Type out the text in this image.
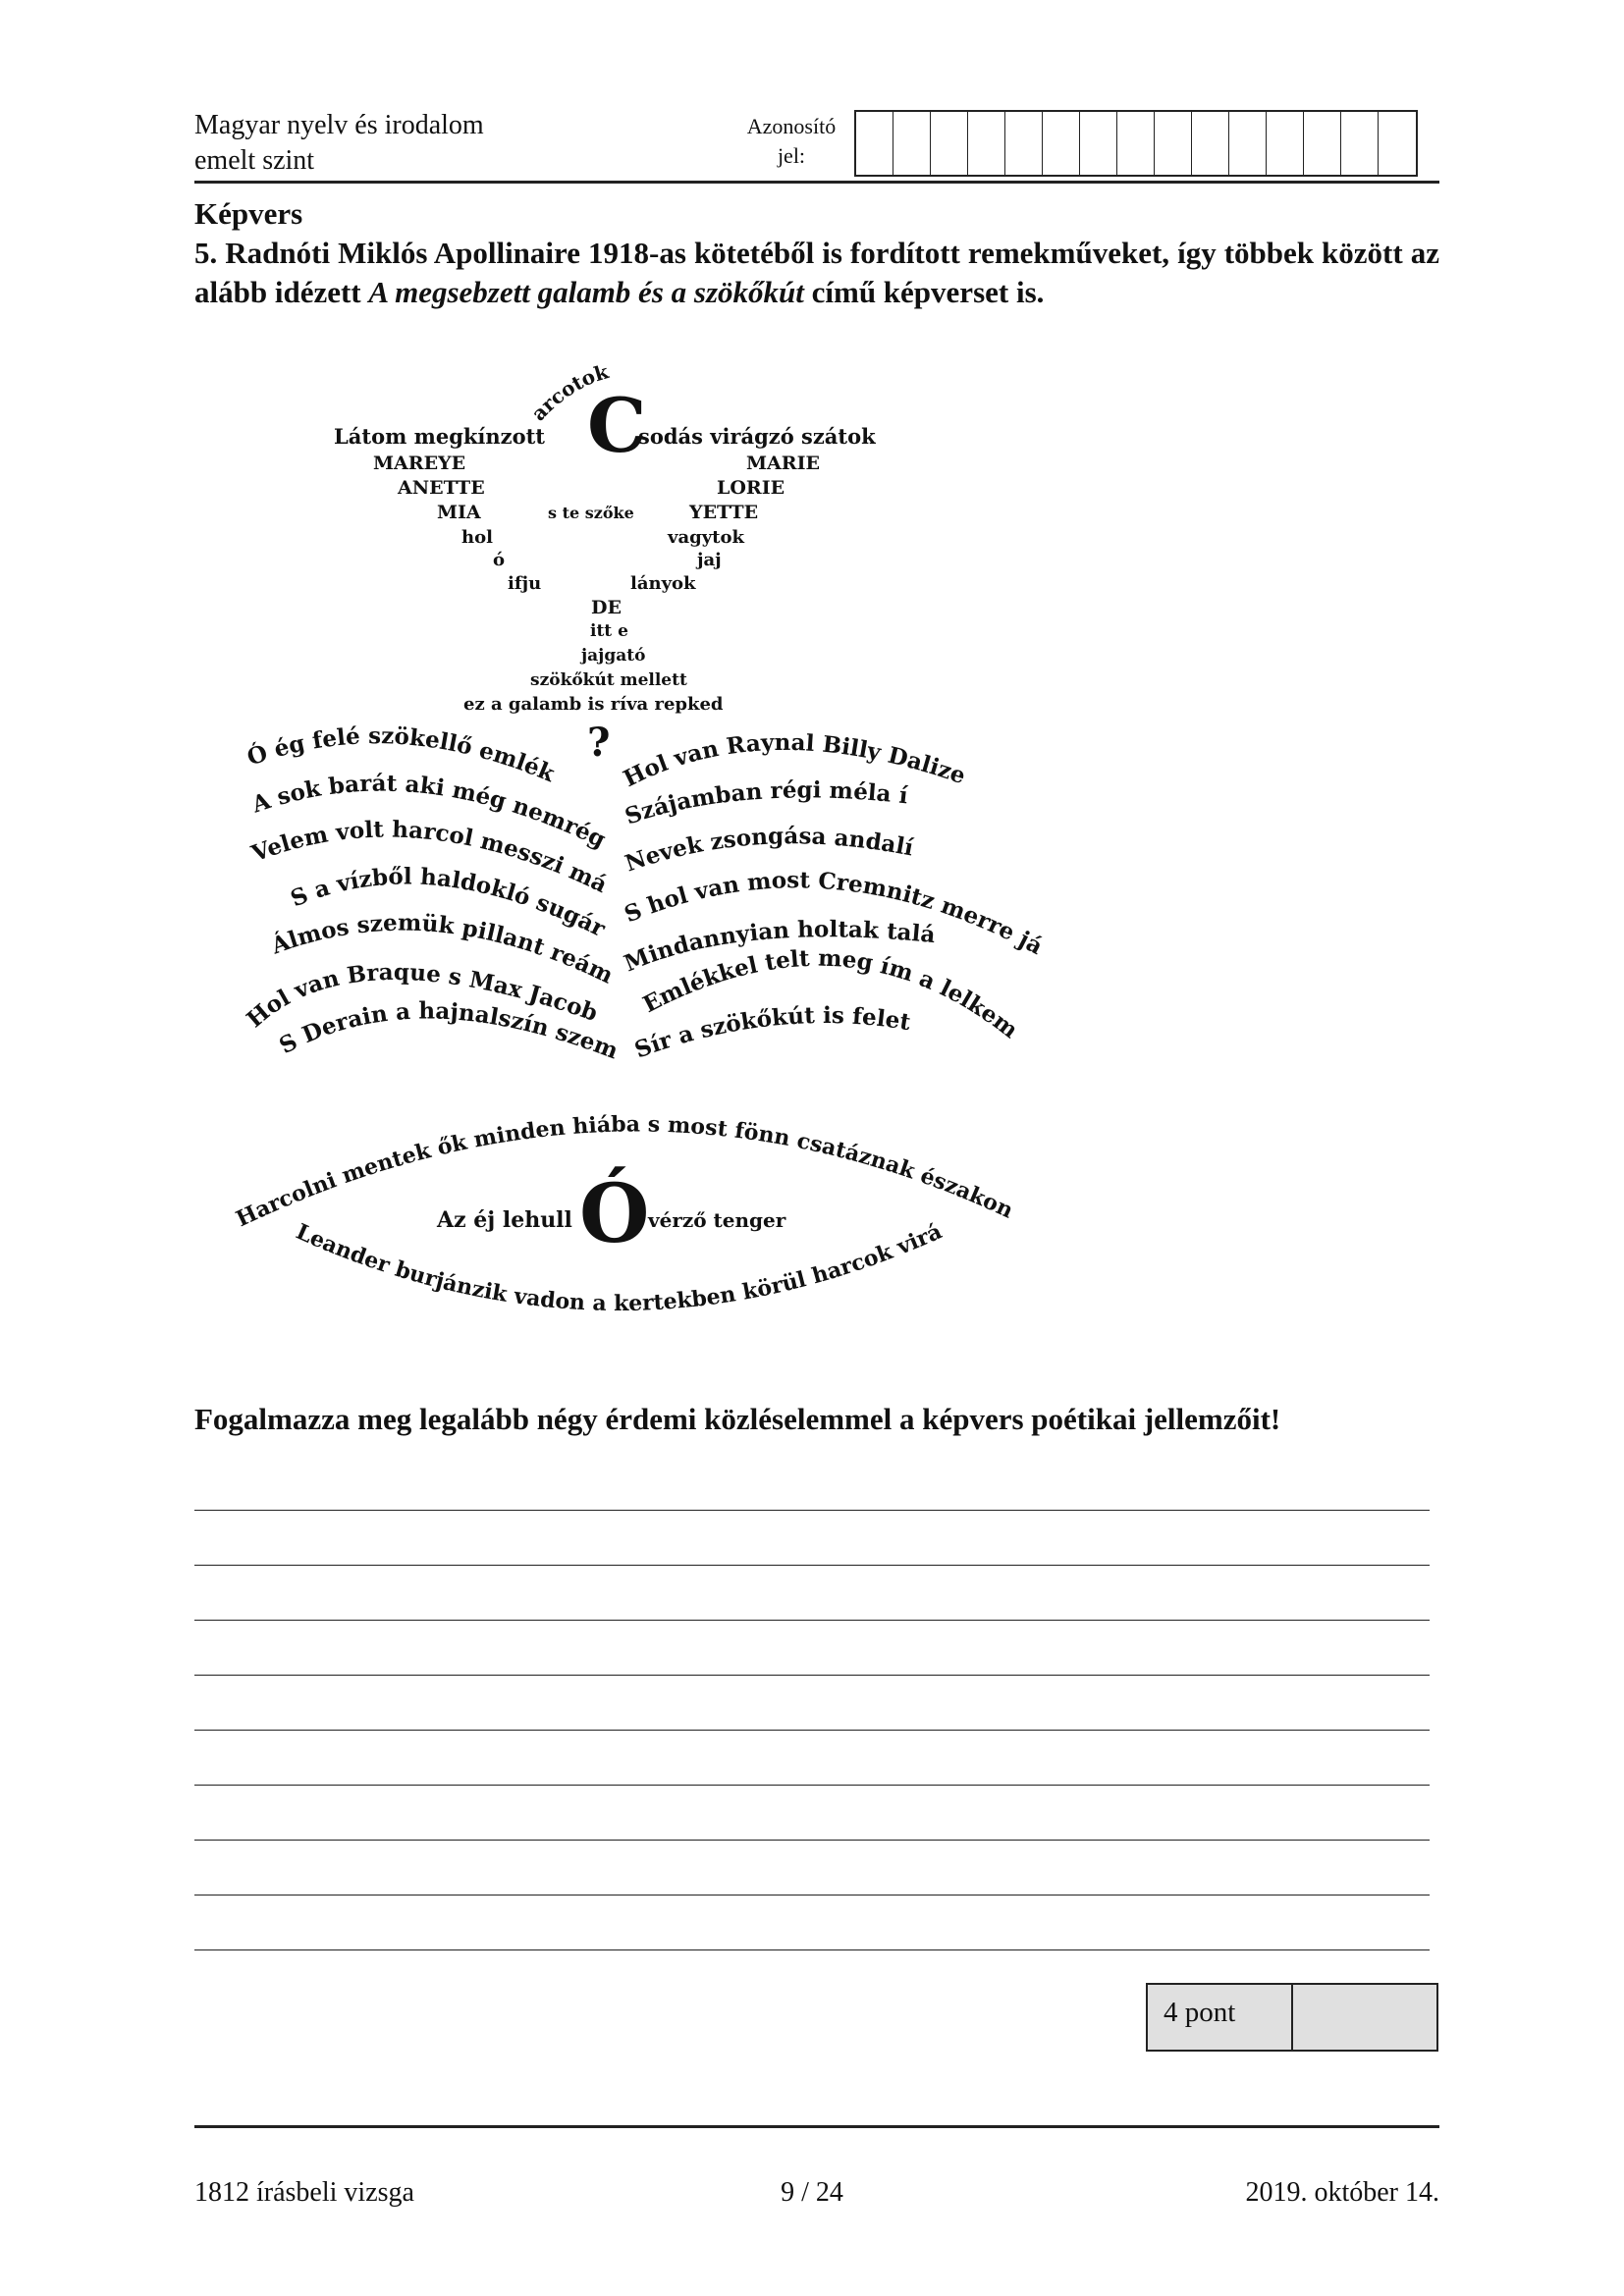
Magyar nyelv és irodalom
emelt szint
Azonosító
jel:
Képvers
5. Radnóti Miklós Apollinaire 1918-as kötetéből is fordított remekműveket, így többek között az alább idézett A megsebzett galamb és a szökőkút című képverset is.
arcotok
Látom megkínzott C
sodás virágzó szátok
MAREYE	MARIE
ANETTE	LORIE
MIA	s te szőke	YETTE
hol	vagytok
ó	jaj
ifju	lányok
DE
itt e
jajgató
szökőkút mellett
ez a galamb is ríva repked
?
Ó ég felé szökellő emlék
A sok barát aki még nemrég
Velem volt harcol messzi má
S a vízből haldokló sugár
Álmos szemük pillant reám
Hol van Braque s Max Jacob
S Derain a hajnalszín szem
Hol van Raynal Billy Dalize
Szájamban régi méla í
Nevek zsongása andalí
S hol van most Cremnitz merre já
Mindannyian holtak talá
Emlékkel telt meg ím a lelkem
Sír a szökőkút is felet
Harcolni mentek ők minden hiába s most fönn csatáznak északon
Az éj lehull Ó
vérző tenger
Leander burjánzik vadon a kertekben körül harcok virá
Fogalmazza meg legalább négy érdemi közléselemmel a képvers poétikai jellemzőit!
4 pont
1812 írásbeli vizsga	9 / 24	2019. október 14.
